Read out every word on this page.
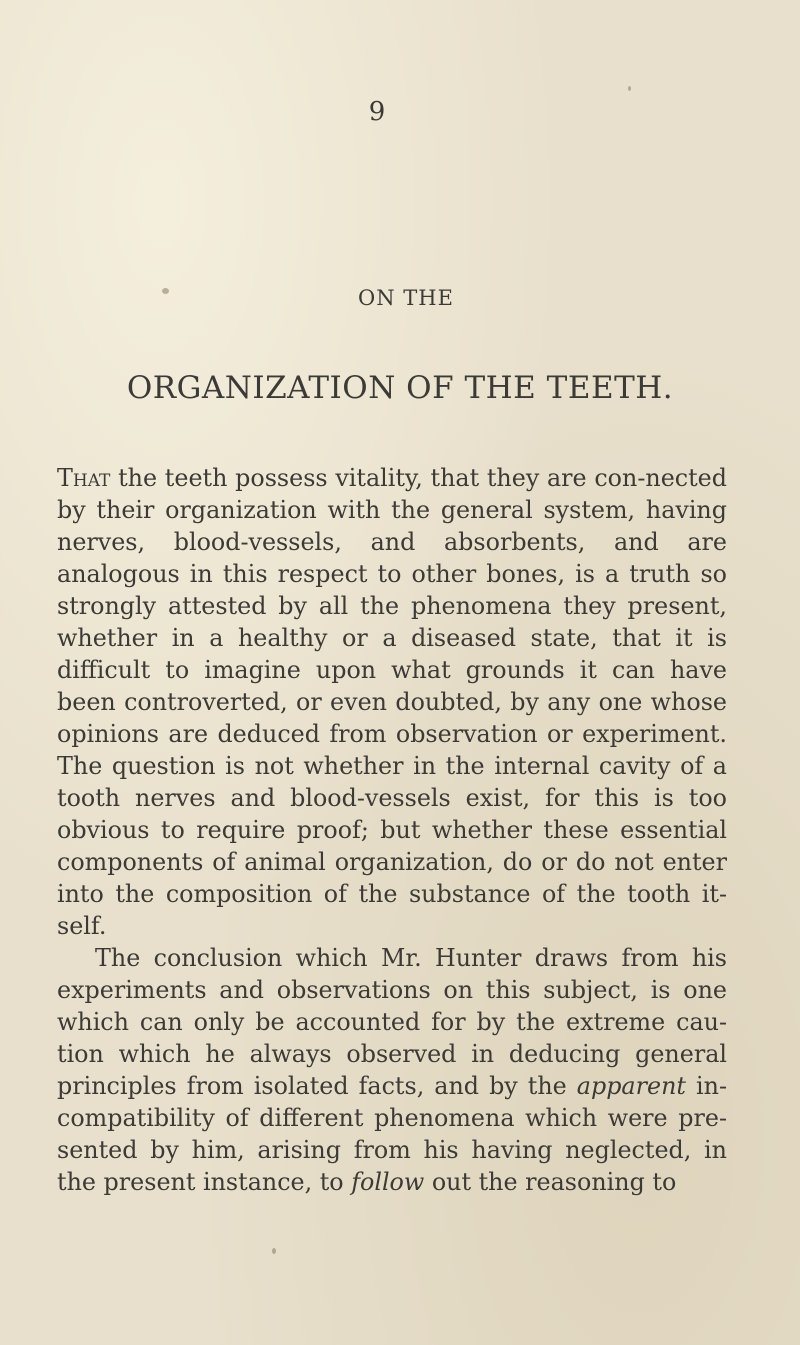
9
ON THE
ORGANIZATION OF THE TEETH.

That the teeth possess vitality, that they are con-nected by their organization with the general system, having nerves, blood-vessels, and absorbents, and are analogous in this respect to other bones, is a truth so strongly attested by all the phenomena they present, whether in a healthy or a diseased state, that it is difficult to imagine upon what grounds it can have been controverted, or even doubted, by any one whose opinions are deduced from observation or experiment. The question is not whether in the internal cavity of a tooth nerves and blood-vessels exist, for this is too obvious to require proof; but whether these essential components of animal organization, do or do not enter into the composition of the substance of the tooth it-self.

The conclusion which Mr. Hunter draws from his experiments and observations on this subject, is one which can only be accounted for by the extreme cau-tion which he always observed in deducing general principles from isolated facts, and by the apparent in-compatibility of different phenomena which were pre-sented by him, arising from his having neglected, in the present instance, to follow out the reasoning to
